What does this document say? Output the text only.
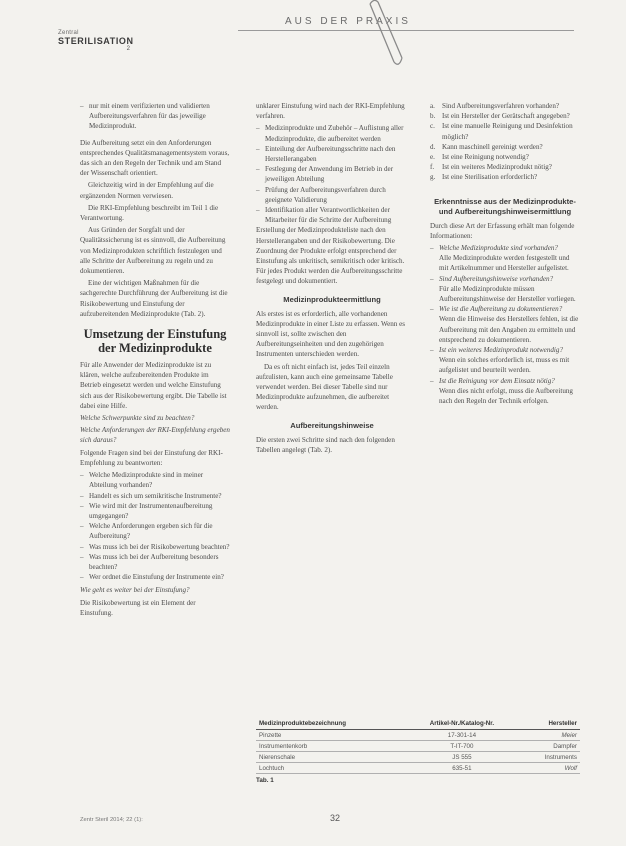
Zentral
STERILISATION
2
AUS DER PRAXIS
– nur mit einem verifizierten und validierten Aufbereitungsverfahren für das jeweilige Medizinprodukt.

Die Aufbereitung setzt ein den Anforderungen entsprechendes Qualitätsmanagementsystem voraus, das sich an den Regeln der Technik und am Stand der Wissenschaft orientiert.

Gleichzeitig wird in der Empfehlung auf die ergänzenden Normen verwiesen.

Die RKI-Empfehlung beschreibt im Teil 1 die Verantwortung.

Aus Gründen der Sorgfalt und der Qualitätssicherung ist es sinnvoll, die Aufbereitung von Medizinprodukten schriftlich festzulegen und alle Schritte der Aufbereitung zu regeln und zu dokumentieren.

Eine der wichtigen Maßnahmen für die sachgerechte Durchführung der Aufbereitung ist die Risikobewertung und Einstufung der aufzubereitenden Medizinprodukte (Tab. 2).

Umsetzung der Einstufung der Medizinprodukte

Für alle Anwender der Medizinprodukte ist zu klären, welche aufzubereitenden Produkte im Betrieb eingesetzt werden und welche Einstufung sich aus der Risikobewertung ergibt. Die Tabelle ist dabei eine Hilfe.

Welche Schwerpunkte sind zu beachten?

Welche Anforderungen der RKI-Empfehlung ergeben sich daraus?

Folgende Fragen sind bei der Einstufung der RKI-Empfehlung zu beantworten:

– Welche Medizinprodukte sind in meiner Abteilung vorhanden?
– Handelt es sich um semikritische Instrumente?
– Wie wird mit der Instrumentenaufbereitung umgegangen?
– Welche Anforderungen ergeben sich für die Aufbereitung?
– Was muss ich bei der Risikobewertung beachten?
– Was muss ich bei der Aufbereitung besonders beachten?
– Wer ordnet die Einstufung der Instrumente ein?

Wie geht es weiter bei der Einstufung?

Die Risikobewertung ist ein Element der Einstufung.

unklarer Einstufung wird nach der RKI-Empfehlung verfahren.

– Medizinprodukte und Zubehör – Auflistung aller Medizinprodukte, die aufbereitet werden
– Einteilung der Aufbereitungsschritte nach den Herstellerangaben
– Festlegung der Anwendung im Betrieb in der jeweiligen Abteilung
– Prüfung der Aufbereitungsverfahren durch geeignete Validierung
– Identifikation aller Verantwortlichkeiten der Mitarbeiter für die Schritte der Aufbereitung

Erstellung der Medizinprodukteliste nach den Herstellerangaben und der Risikobewertung. Die Zuordnung der Produkte erfolgt entsprechend der Einstufung als unkritisch, semikritisch oder kritisch. Für jedes Produkt werden die Aufbereitungsschritte festgelegt und dokumentiert.

Medizinprodukteermittlung

Als erstes ist es erforderlich, alle vorhandenen Medizinprodukte in einer Liste zu erfassen. Wenn es sinnvoll ist, sollte zwischen den Aufbereitungseinheiten und den zugehörigen Instrumenten unterschieden werden.

Da es oft nicht einfach ist, jedes Teil einzeln aufzulisten, kann auch eine gemeinsame Tabelle verwendet werden. Bei dieser Tabelle sind nur Medizinprodukte aufzunehmen, die aufbereitet werden.

Aufbereitungshinweise

Die ersten zwei Schritte sind nach den folgenden Tabellen angelegt (Tab. 2).

a. Sind Aufbereitungsverfahren vorhanden?
b. Ist ein Hersteller der Gerätschaft angegeben?
c. Ist eine manuelle Reinigung und Desinfektion möglich?
d. Kann maschinell gereinigt werden?
e. Ist eine Reinigung notwendig?
f. Ist ein weiteres Medizinprodukt nötig?
g. Ist eine Sterilisation erforderlich?
Erkenntnisse aus der Medizinprodukte- und Aufbereitungshinweisermittlung

Durch diese Art der Erfassung erhält man folgende Informationen:

– Welche Medizinprodukte sind vorhanden?
Alle Medizinprodukte werden festgestellt und mit Artikelnummer und Hersteller aufgelistet.
– Sind Aufbereitungshinweise vorhanden?
Für alle Medizinprodukte müssen Aufbereitungshinweise der Hersteller vorliegen.
– Wie ist die Aufbereitung zu dokumentieren?
Wenn die Hinweise des Herstellers fehlen, ist die Aufbereitung mit den Angaben zu ermitteln und entsprechend zu dokumentieren.
– Ist ein weiteres Medizinprodukt notwendig?
Wenn ein solches erforderlich ist, muss es mit aufgelistet und beurteilt werden.
– Ist die Reinigung vor dem Einsatz nötig?
Wenn dies nicht erfolgt, muss die Aufbereitung nach den Regeln der Technik erfolgen.
Medizinproduktebezeichnung	Artikel-Nr./Katalog-Nr.	Hersteller
Pinzette	17-301-14	Meier
Instrumentenkorb	T-IT-700	Dampfer
Nierenschale	JS 555	Instruments
Lochtuch	635-51	Wolf
Tab. 1
Zentr Steril 2014; 22 (1):	32
